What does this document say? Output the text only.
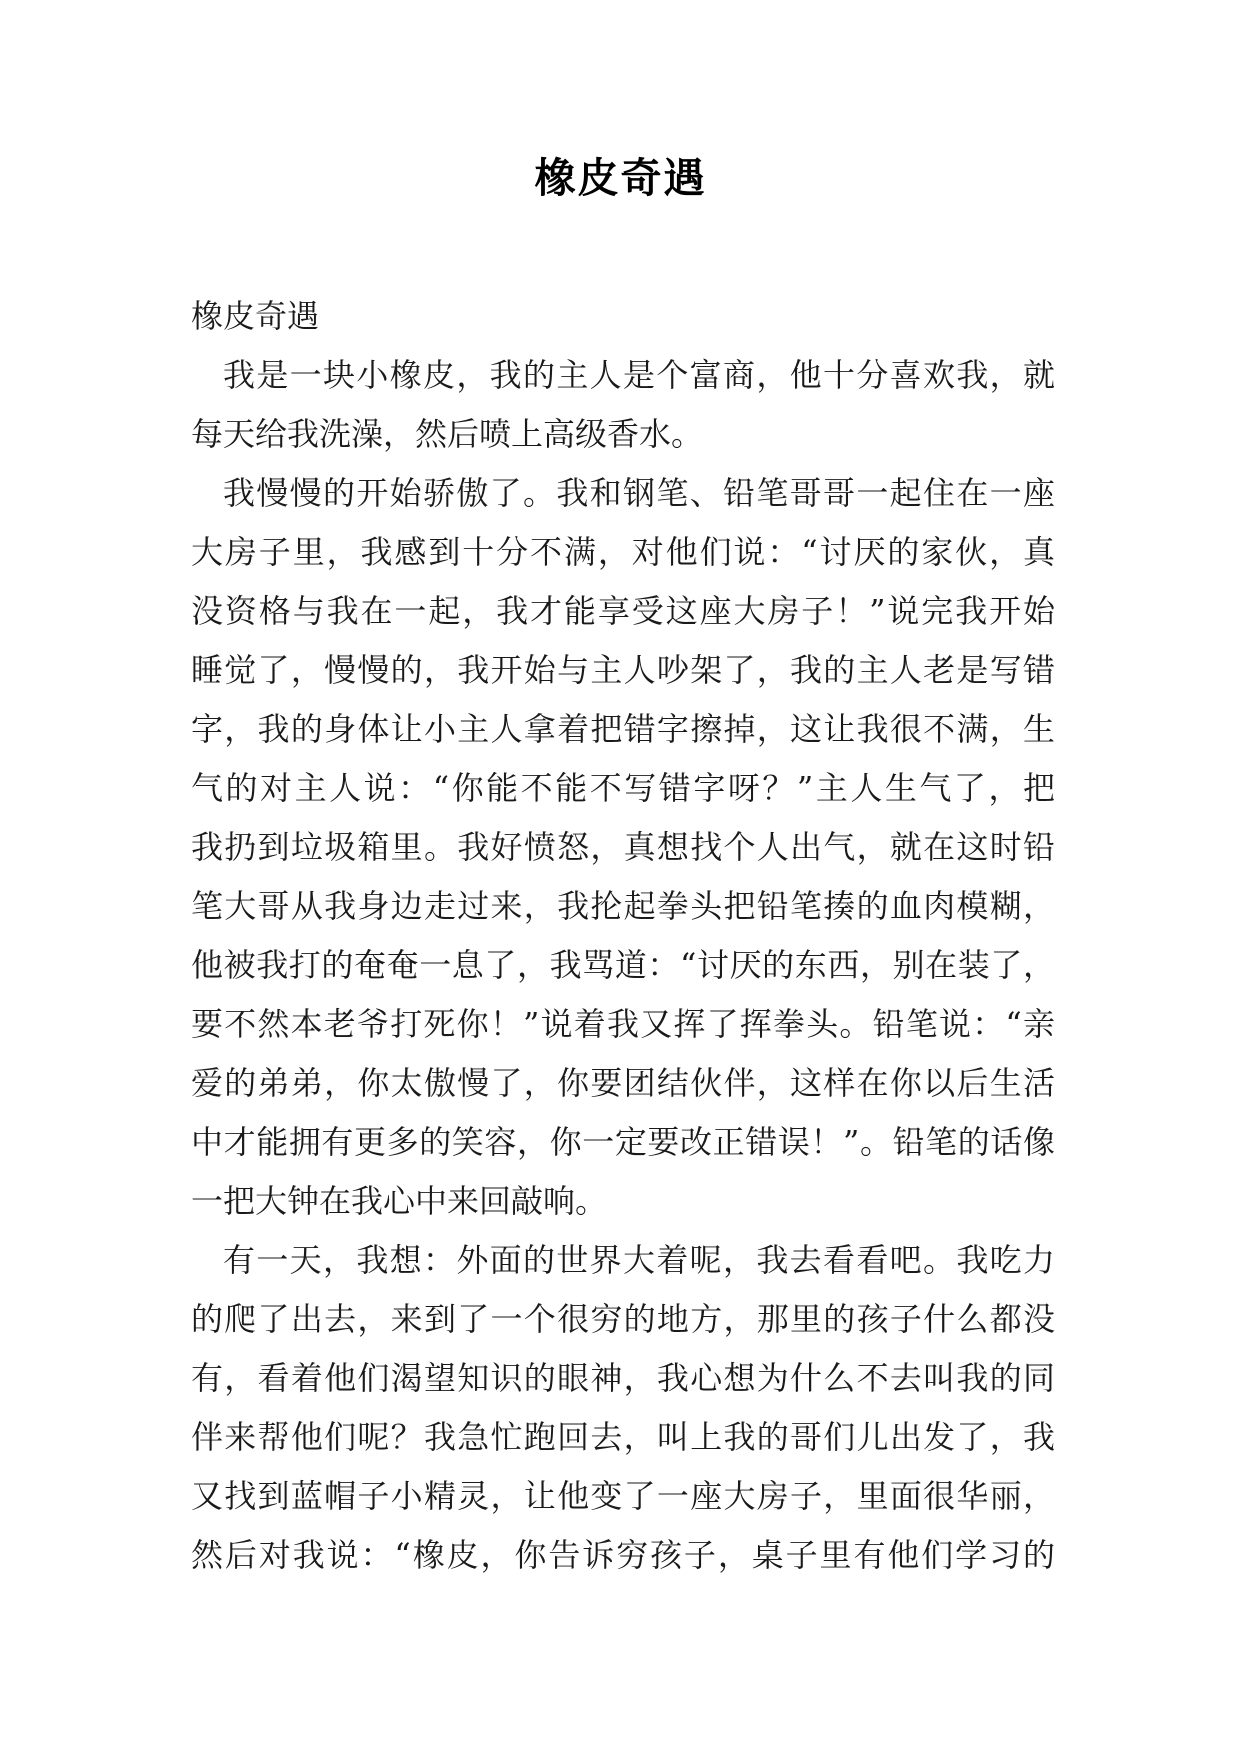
橡皮奇遇
橡皮奇遇
我是一块小橡皮，我的主人是个富商，他十分喜欢我，就
每天给我洗澡，然后喷上高级香水。
我慢慢的开始骄傲了。我和钢笔、铅笔哥哥一起住在一座
大房子里，我感到十分不满，对他们说：“讨厌的家伙，真
没资格与我在一起，我才能享受这座大房子！”说完我开始
睡觉了，慢慢的，我开始与主人吵架了，我的主人老是写错
字，我的身体让小主人拿着把错字擦掉，这让我很不满，生
气的对主人说：“你能不能不写错字呀？”主人生气了，把
我扔到垃圾箱里。我好愤怒，真想找个人出气，就在这时铅
笔大哥从我身边走过来，我抡起拳头把铅笔揍的血肉模糊，
他被我打的奄奄一息了，我骂道：“讨厌的东西，别在装了，
要不然本老爷打死你！”说着我又挥了挥拳头。铅笔说：“亲
爱的弟弟，你太傲慢了，你要团结伙伴，这样在你以后生活
中才能拥有更多的笑容，你一定要改正错误！”。铅笔的话像
一把大钟在我心中来回敲响。
有一天，我想：外面的世界大着呢，我去看看吧。我吃力
的爬了出去，来到了一个很穷的地方，那里的孩子什么都没
有，看着他们渴望知识的眼神，我心想为什么不去叫我的同
伴来帮他们呢？我急忙跑回去，叫上我的哥们儿出发了，我
又找到蓝帽子小精灵，让他变了一座大房子，里面很华丽，
然后对我说：“橡皮，你告诉穷孩子，桌子里有他们学习的
